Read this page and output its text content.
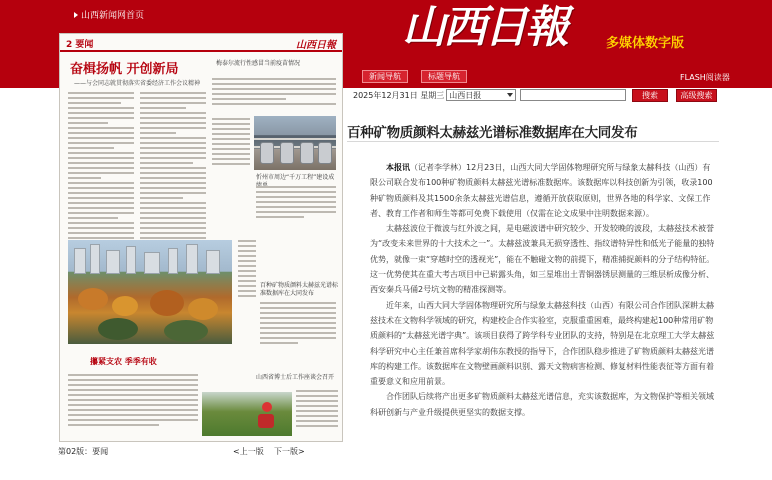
山西新闻网首页	山西日報	多媒体数字版
新闻导航	标题导航	FLASH阅读器
2 要闻	山西日報
奋楫扬帆 开创新局
——与会同志就贯彻落实省委经济工作会议精神
梅泰尔流行性感冒当前疫苗情况
忻州市周边“千万工程”建设成
百种矿物质颜料太赫兹光谱标准数据库在大同发布
攥紧支农 季季有收
山西省博士后工作座谈会召开
第02版：要闻	<上一版 下一版>
2025年12月31日 星期三 山西日报	搜索	高级搜索
百种矿物质颜料太赫兹光谱标准数据库在大同发布

本报讯（记者李学林）12月23日，山西大同大学固体物理研究所与绿象太赫科技（山西）有限公司联合发布100种矿物质颜料太赫兹光谱标准数据库。该数据库以科技创新为引领，收录100种矿物质颜料及其1500余条太赫兹光谱信息，遵循开放获取原则，世界各地的科学家、文保工作者、教育工作者和师生等都可免费下载使用（仅需在论文成果中注明数据来源）。

太赫兹波位于微波与红外波之间，是电磁波谱中研究较少、开发较晚的波段，太赫兹技术被誉为“改变未来世界的十大技术之一”。太赫兹波兼具无损穿透性、指纹谱特异性和低光子能量的独特优势，就像一束“穿越时空的透视光”，能在不触碰文物的前提下，精准捕捉颜料的分子结构特征。这一优势使其在重大考古项目中已崭露头角，如三星堆出土青铜器锈层测量的三维层析成像分析、西安秦兵马俑2号坑文物的精准探测等。

近年来，山西大同大学固体物理研究所与绿象太赫兹科技（山西）有限公司合作团队深耕太赫兹技术在文物科学领域的研究，构建校企合作实验室，克服重重困难，最终构建起100种常用矿物质颜料的“太赫兹光谱字典”。该项目获得了跨学科专业团队的支持，特别是在北京理工大学太赫兹科学研究中心主任兼首席科学家胡伟东教授的指导下，合作团队稳步推进了矿物质颜料太赫兹光谱库的构建工作。该数据库在文物壁画颜料识别、露天文物病害检测、修复材料性能表征等方面有着重要意义和应用前景。

合作团队后续将产出更多矿物质颜料太赫兹光谱信息，充实该数据库，为文物保护等相关领域科研创新与产业升级提供更坚实的数据支撑。
